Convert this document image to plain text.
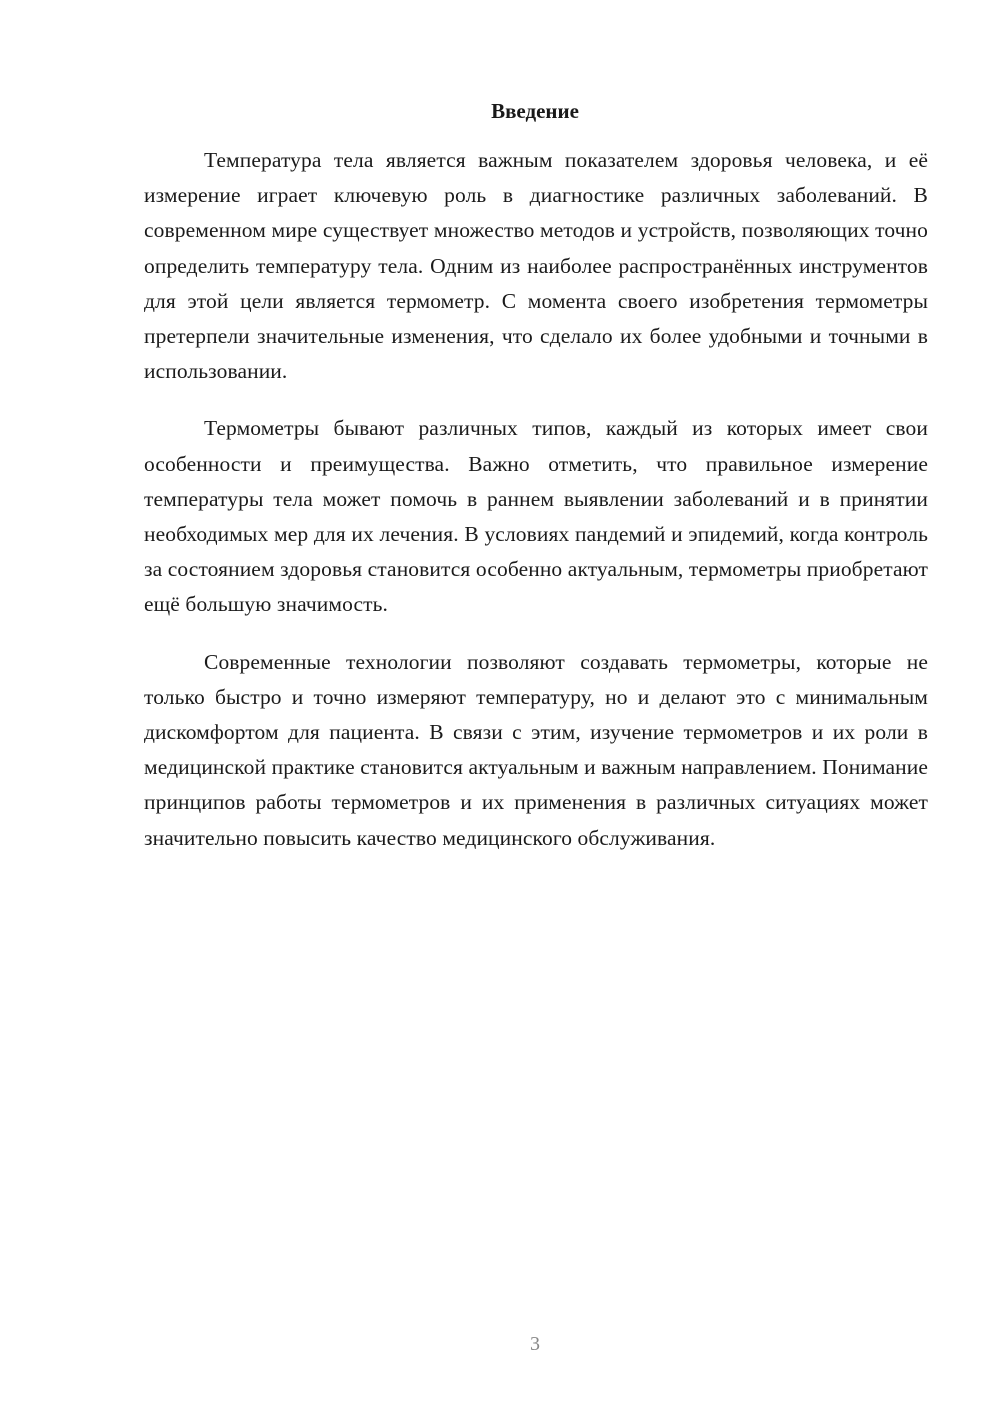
Введение

Температура тела является важным показателем здоровья человека, и её измерение играет ключевую роль в диагностике различных заболеваний. В современном мире существует множество методов и устройств, позволяющих точно определить температуру тела. Одним из наиболее распространённых инструментов для этой цели является термометр. С момента своего изобретения термометры претерпели значительные изменения, что сделало их более удобными и точными в использовании.

Термометры бывают различных типов, каждый из которых имеет свои особенности и преимущества. Важно отметить, что правильное измерение температуры тела может помочь в раннем выявлении заболеваний и в принятии необходимых мер для их лечения. В условиях пандемий и эпидемий, когда контроль за состоянием здоровья становится особенно актуальным, термометры приобретают ещё большую значимость.

Современные технологии позволяют создавать термометры, которые не только быстро и точно измеряют температуру, но и делают это с минимальным дискомфортом для пациента. В связи с этим, изучение термометров и их роли в медицинской практике становится актуальным и важным направлением. Понимание принципов работы термометров и их применения в различных ситуациях может значительно повысить качество медицинского обслуживания.

3
